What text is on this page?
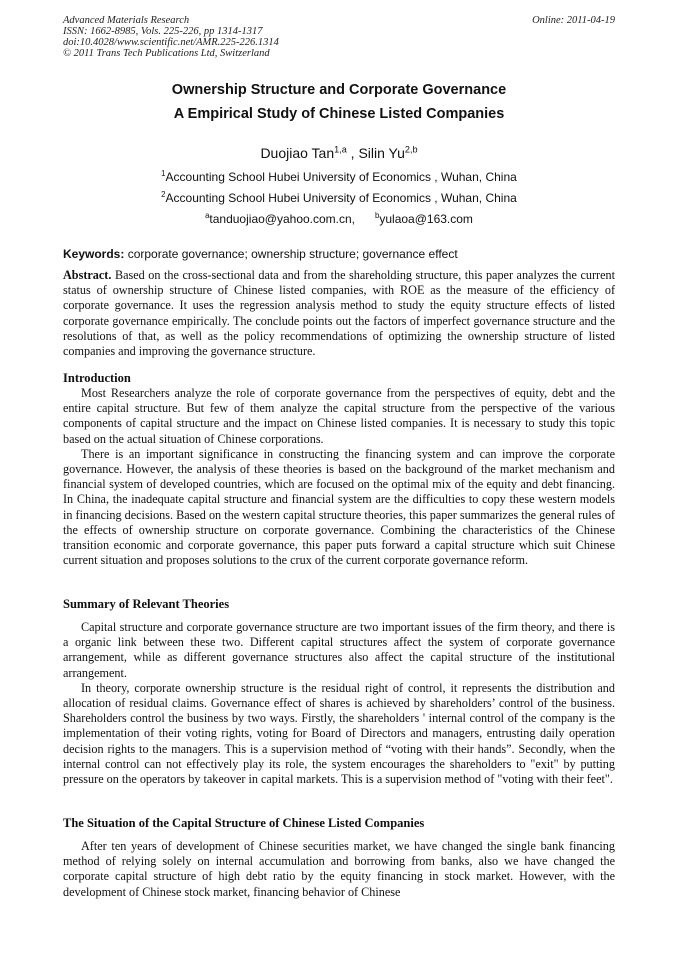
Advanced Materials Research
ISSN: 1662-8985, Vols. 225-226, pp 1314-1317
doi:10.4028/www.scientific.net/AMR.225-226.1314
© 2011 Trans Tech Publications Ltd, Switzerland
Online: 2011-04-19
Ownership Structure and Corporate Governance
A Empirical Study of Chinese Listed Companies
Duojiao Tan$^{1,a}$ , Silin Yu$^{2,b}$
$^1$Accounting School Hubei University of Economics , Wuhan, China
$^2$Accounting School Hubei University of Economics , Wuhan, China
$^a$tanduojiao@yahoo.com.cn,	$^b$yulaoa@163.com
Keywords: corporate governance; ownership structure; governance effect

Abstract. Based on the cross-sectional data and from the shareholding structure, this paper analyzes the current status of ownership structure of Chinese listed companies, with ROE as the measure of the efficiency of corporate governance. It uses the regression analysis method to study the equity structure effects of listed corporate governance empirically. The conclude points out the factors of imperfect governance structure and the resolutions of that, as well as the policy recommendations of optimizing the ownership structure of listed companies and improving the governance structure.

Introduction

Most Researchers analyze the role of corporate governance from the perspectives of equity, debt and the entire capital structure. But few of them analyze the capital structure from the perspective of the various components of capital structure and the impact on Chinese listed companies. It is necessary to study this topic based on the actual situation of Chinese corporations.

There is an important significance in constructing the financing system and can improve the corporate governance. However, the analysis of these theories is based on the background of the market mechanism and financial system of developed countries, which are focused on the optimal mix of the equity and debt financing. In China, the inadequate capital structure and financial system are the difficulties to copy these western models in financing decisions. Based on the western capital structure theories, this paper summarizes the general rules of the effects of ownership structure on corporate governance. Combining the characteristics of the Chinese transition economic and corporate governance, this paper puts forward a capital structure which suit Chinese current situation and proposes solutions to the crux of the current corporate governance reform.

Summary of Relevant Theories

Capital structure and corporate governance structure are two important issues of the firm theory, and there is a organic link between these two. Different capital structures affect the system of corporate governance arrangement, while as different governance structures also affect the capital structure of the institutional arrangement.

In theory, corporate ownership structure is the residual right of control, it represents the distribution and allocation of residual claims. Governance effect of shares is achieved by shareholders’ control of the business. Shareholders control the business by two ways. Firstly, the shareholders ' internal control of the company is the implementation of their voting rights, voting for Board of Directors and managers, entrusting daily operation decision rights to the managers. This is a supervision method of “voting with their hands”. Secondly, when the internal control can not effectively play its role, the system encourages the shareholders to "exit" by putting pressure on the operators by takeover in capital markets. This is a supervision method of "voting with their feet".

The Situation of the Capital Structure of Chinese Listed Companies

After ten years of development of Chinese securities market, we have changed the single bank financing method of relying solely on internal accumulation and borrowing from banks, also we have changed the corporate capital structure of high debt ratio by the equity financing in stock market. However, with the development of Chinese stock market, financing behavior of Chinese
